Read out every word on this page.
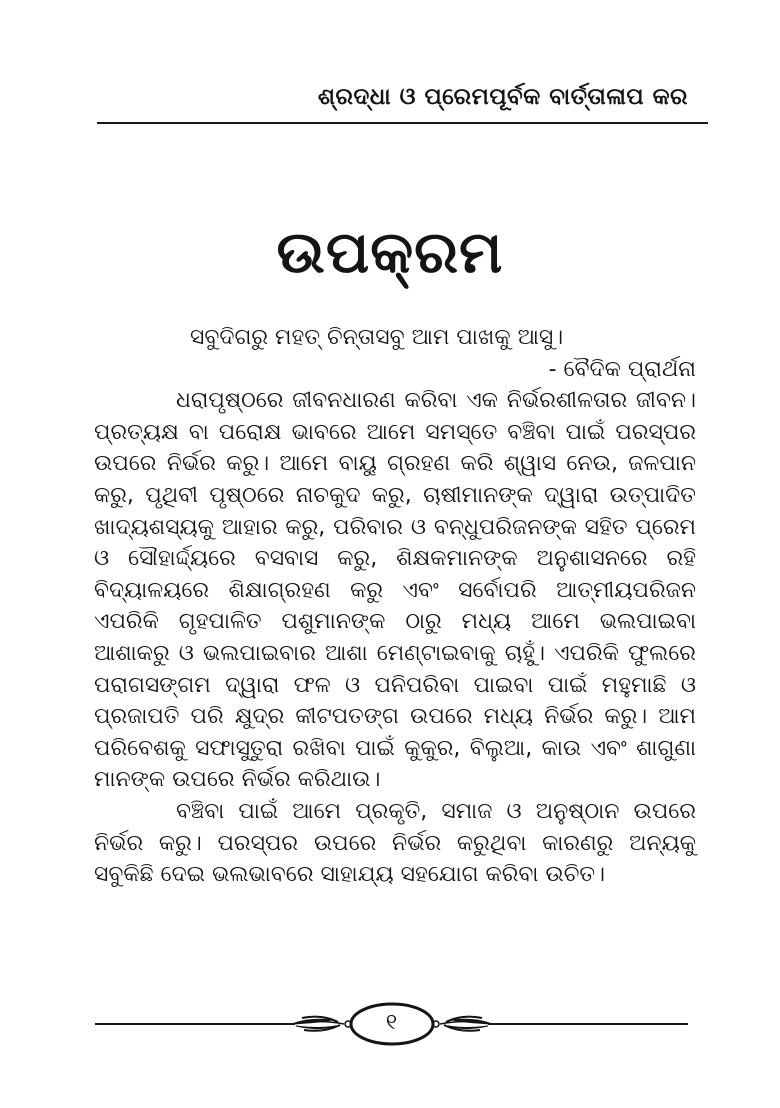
ଶ୍ରଦ୍ଧା ଓ ପ୍ରେମପୂର୍ବକ ବାର୍ତ୍ତାଳାପ କର
ଉପକ୍ରମ
ସବୁଦିଗରୁ ମହତ୍ ଚିନ୍ତାସବୁ ଆମ ପାଖକୁ ଆସୁ।
- ବୈଦିକ ପ୍ରାର୍ଥନା

ଧରାପୃଷ୍ଠରେ ଜୀବନଧାରଣ କରିବା ଏକ ନିର୍ଭରଶୀଳତାର ଜୀବନ। ପ୍ରତ୍ୟକ୍ଷ ବା ପରୋକ୍ଷ ଭାବରେ ଆମେ ସମସ୍ତେ ବଞ୍ଚିବା ପାଇଁ ପରସ୍ପର ଉପରେ ନିର୍ଭର କରୁ। ଆମେ ବାୟୁ ଗ୍ରହଣ କରି ଶ୍ୱାସ ନେଉ, ଜଳପାନ କରୁ, ପୃଥିବୀ ପୃଷ୍ଠରେ ନାଚକୁଦ କରୁ, ଚାଷୀମାନଙ୍କ ଦ୍ୱାରା ଉତ୍ପାଦିତ ଖାଦ୍ୟଶସ୍ୟକୁ ଆହାର କରୁ, ପରିବାର ଓ ବନ୍ଧୁପରିଜନଙ୍କ ସହିତ ପ୍ରେମ ଓ ସୌହାର୍ଦ୍ଦ୍ୟରେ ବସବାସ କରୁ, ଶିକ୍ଷକମାନଙ୍କ ଅନୁଶାସନରେ ରହି ବିଦ୍ୟାଳୟରେ ଶିକ୍ଷାଗ୍ରହଣ କରୁ ଏବଂ ସର୍ବୋପରି ଆତ୍ମୀୟପରିଜନ ଏପରିକି ଗୃହପାଳିତ ପଶୁମାନଙ୍କ ଠାରୁ ମଧ୍ୟ ଆମେ ଭଲପାଇବା ଆଶାକରୁ ଓ ଭଲପାଇବାର ଆଶା ମେଣ୍ଟାଇବାକୁ ଚାହୁଁ। ଏପରିକି ଫୁଲରେ ପରାଗସଙ୍ଗମ ଦ୍ୱାରା ଫଳ ଓ ପନିପରିବା ପାଇବା ପାଇଁ ମହୁମାଛି ଓ ପ୍ରଜାପତି ପରି କ୍ଷୁଦ୍ର କୀଟପତଙ୍ଗ ଉପରେ ମଧ୍ୟ ନିର୍ଭର କରୁ। ଆମ ପରିବେଶକୁ ସଫାସୁତୁରା ରଖିବା ପାଇଁ କୁକୁର, ବିଲୁଆ, କାଉ ଏବଂ ଶାଗୁଣା ମାନଙ୍କ ଉପରେ ନିର୍ଭର କରିଥାଉ।

ବଞ୍ଚିବା ପାଇଁ ଆମେ ପ୍ରକୃତି, ସମାଜ ଓ ଅନୁଷ୍ଠାନ ଉପରେ ନିର୍ଭର କରୁ। ପରସ୍ପର ଉପରେ ନିର୍ଭର କରୁଥିବା କାରଣରୁ ଅନ୍ୟକୁ ସବୁକିଛି ଦେଇ ଭଲଭାବରେ ସାହାଯ୍ୟ ସହଯୋଗ କରିବା ଉଚିତ।

୧
